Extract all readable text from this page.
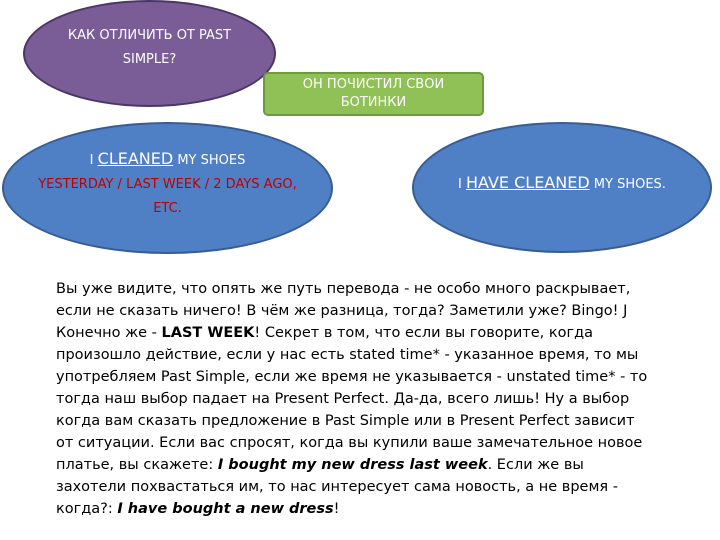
КАК ОТЛИЧИТЬ ОТ PAST SIMPLE?
ОН ПОЧИСТИЛ СВОИ БОТИНКИ
I CLEANED MY SHOES
YESTERDAY / LAST WEEK / 2 DAYS AGO, ETC.
I HAVE CLEANED MY SHOES.

Вы уже видите, что опять же путь перевода - не особо много раскрывает, если не сказать ничего! В чём же разница, тогда? Заметили уже? Bingo! J Конечно же - LAST WEEK! Секрет в том, что если вы говорите, когда произошло действие, если у нас есть stated time* - указанное время, то мы употребляем Past Simple, если же время не указывается - unstated time* - то тогда наш выбор падает на Present Perfect. Да-да, всего лишь! Ну а выбор когда вам сказать предложение в Past Simple или в Present Perfect зависит от ситуации. Если вас спросят, когда вы купили ваше замечательное новое платье, вы скажете: I bought my new dress last week. Если же вы захотели похвастаться им, то нас интересует сама новость, а не время - когда?: I have bought a new dress!
